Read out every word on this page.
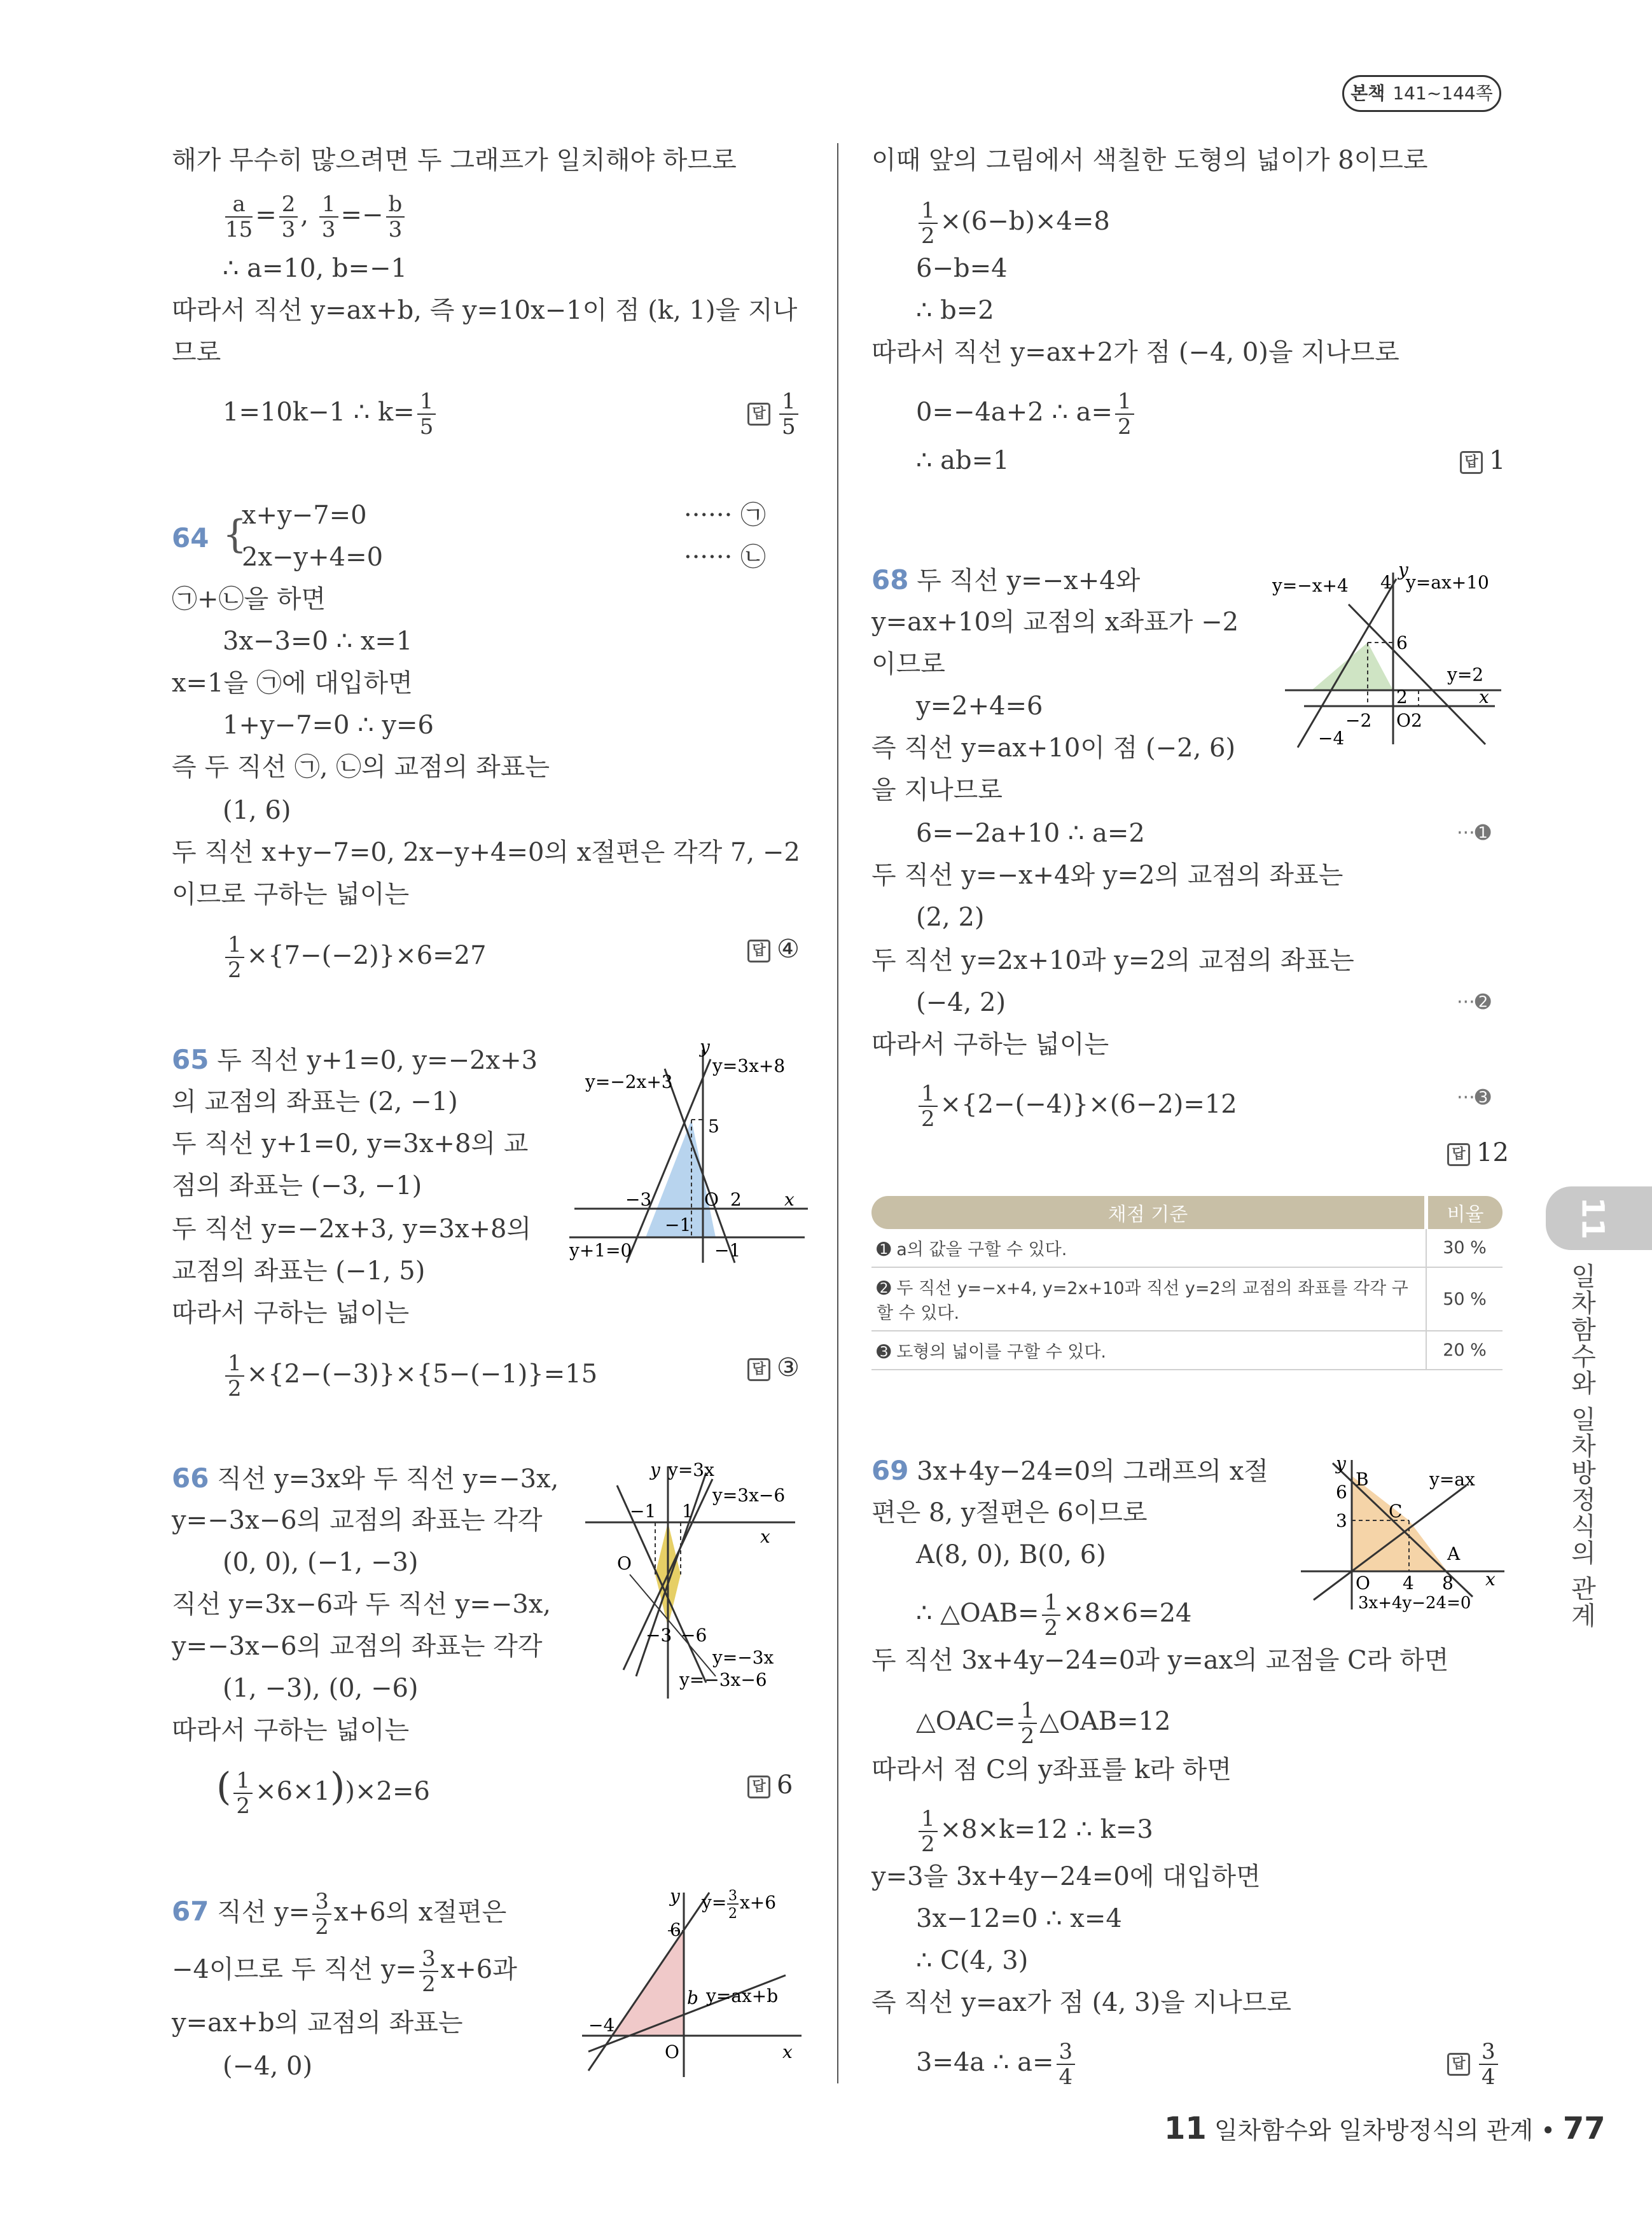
본책 141~144쪽
해가 무수히 많으려면 두 그래프가 일치해야 하므로
$\frac{a}{15} = \frac{2}{3}$ , $\frac{1}{3} =- \frac{b}{3}$
∴ a=10, b=−1
따라서 직선 y=ax+b, 즉 y=10x−1이 점 (k, 1)을 지나
므로
1=10k−1 ∴ $k= \frac{1}{5}$	답 $\frac{1}{5}$
64 {
x+y−7=0
2x−y+4=0
······ ㉠
······ ㉡
㉠+㉡을 하면
3x−3=0 ∴ x=1
x=1을 ㉠에 대입하면
1+y−7=0 ∴ y=6
즉 두 직선 ㉠, ㉡의 교점의 좌표는
(1, 6)
두 직선 x+y−7=0, 2x−y+4=0의 x절편은 각각 7, −2
이므로 구하는 넓이는
$\frac{1}{2} \times\{7-(-2)\}\times 6=27$	답 ④
65 두 직선 y+1=0, y=−2x+3
의 교점의 좌표는 (2, −1)
두 직선 y+1=0, y=3x+8의 교
점의 좌표는 (−3, −1)
두 직선 y=−2x+3, y=3x+8의
교점의 좌표는 (−1, 5)
따라서 구하는 넓이는
$\frac{1}{2} \times\{2-(-3)\}\times\{5-(-1)\}=15$	답 ③
y
y=3x+8
y=−2x+3
5
−3
−1
O 2 x
y+1=0	−1
66 직선 y=3x와 두 직선 y=−3x,
y=−3x−6의 교점의 좌표는 각각
(0, 0), (−1, −3)
직선 y=3x−6과 두 직선 y=−3x,
y=−3x−6의 교점의 좌표는 각각
(1, −3), (0, −6)
따라서 구하는 넓이는
( $\frac{1}{2} \times 6\times 1))\times 2=6$	답 6
y y=3x
y=3x−6
−1 1
x
O
−3 −6
y=−3x
y=−3x−6
67 직선 $y= \frac{3}{2} x+6$의 x절편은
−4이므로 두 직선 $y= \frac{3}{2} x+6$과
y=ax+b의 교점의 좌표는
(−4, 0)
y y= 3
2
x+6
6
b y=ax+b
−4
O	x
이때 앞의 그림에서 색칠한 도형의 넓이가 8이므로
$\frac{1}{2} \times(6-b)\times 4=8$
6−b=4
∴ b=2
따라서 직선 y=ax+2가 점 (−4, 0)을 지나므로
0=−4a+2 ∴ $a= \frac{1}{2}$
∴ ab=1	답 1
68 두 직선 y=−x+4와
y=ax+10의 교점의 x좌표가 −2
이므로
y=2+4=6
즉 직선 y=ax+10이 점 (−2, 6)
을 지나므로
6=−2a+10 ∴ a=2	···➊
두 직선 y=−x+4와 y=2의 교점의 좌표는
(2, 2)
두 직선 y=2x+10과 y=2의 교점의 좌표는
(−4, 2)	···➋
따라서 구하는 넓이는
$\frac{1}{2} \times\{2-(-4)\}\times(6-2)=12$	···➌
답 12
y=−x+4 4
y
y=ax+10
6
y=2
2	x
−2 O2
−4
채점 기준	비율
➊ a의 값을 구할 수 있다.	30 %
➋ 두 직선 y=−x+4, y=2x+10과 직선 y=2의 교점의 좌표를 각각 구할 수 있다.	50 %
➌ 도형의 넓이를 구할 수 있다.	20 %
69 3x+4y−24=0의 그래프의 x절
편은 8, y절편은 6이므로
A(8, 0), B(0, 6)
∴ △OAB= $\frac{1}{2} \times 8\times 6=24$
두 직선 3x+4y−24=0과 y=ax의 교점을 C라 하면
△OAC= $\frac{1}{2}$ △OAB=12
따라서 점 C의 y좌표를 k라 하면
$\frac{1}{2} \times 8\times k=12$ ∴ k=3
y=3을 3x+4y−24=0에 대입하면
3x−12=0 ∴ x=4
∴ C(4, 3)
즉 직선 y=ax가 점 (4, 3)을 지나므로
3=4a ∴ $a= \frac{3}{4}$	답 $\frac{3}{4}$
y
B	y=ax
6
C
3
A
O 4 8 x
3x+4y−24=0
11
일차함수와 일차방정식의 관계
11 일차함수와 일차방정식의 관계 • 77
